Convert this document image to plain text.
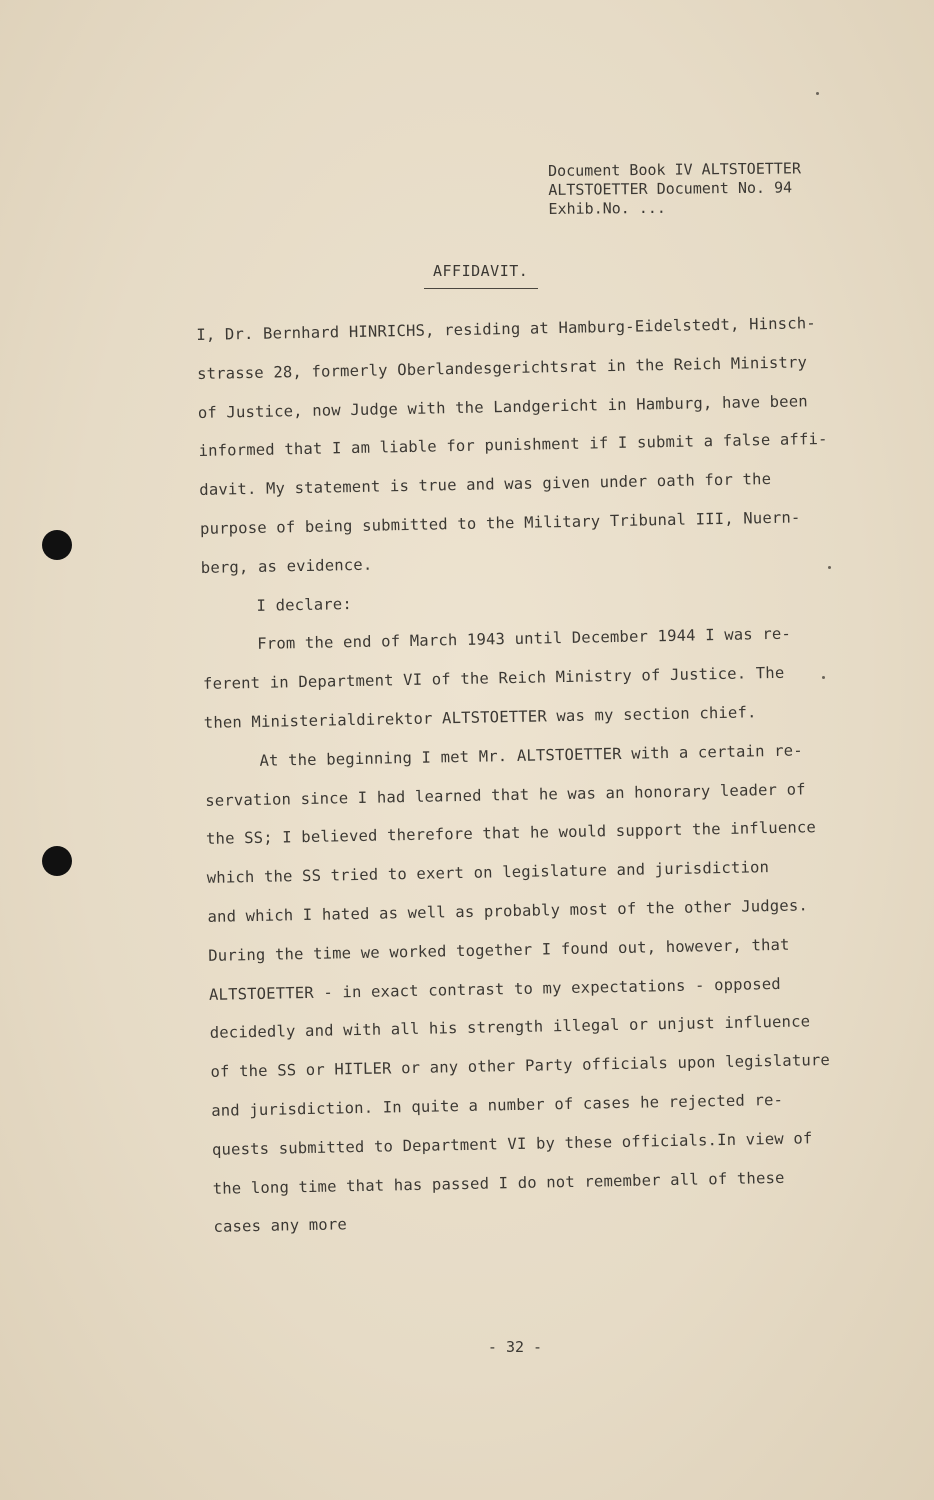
Document Book IV ALTSTOETTER
ALTSTOETTER Document No. 94
Exhib.No. ...
AFFIDAVIT.
I, Dr. Bernhard HINRICHS, residing at Hamburg-Eidelstedt, Hinsch-
strasse 28, formerly Oberlandesgerichtsrat in the Reich Ministry
of Justice, now Judge with the Landgericht in Hamburg, have been
informed that I am liable for punishment if I submit a false affi-
davit. My statement is true and was given under oath for the
purpose of being submitted to the Military Tribunal III, Nuern-
berg, as evidence.
I declare:
From the end of March 1943 until December 1944 I was re-
ferent in Department VI of the Reich Ministry of Justice. The
then Ministerialdirektor ALTSTOETTER was my section chief.
At the beginning I met Mr. ALTSTOETTER with a certain re-
servation since I had learned that he was an honorary leader of
the SS; I believed therefore that he would support the influence
which the SS tried to exert on legislature and jurisdiction
and which I hated as well as probably most of the other Judges.
During the time we worked together I found out, however, that
ALTSTOETTER - in exact contrast to my expectations - opposed
decidedly and with all his strength illegal or unjust influence
of the SS or HITLER or any other Party officials upon legislature
and jurisdiction. In quite a number of cases he rejected re-
quests submitted to Department VI by these officials.In view of
the long time that has passed I do not remember all of these
cases any more
- 32 -
